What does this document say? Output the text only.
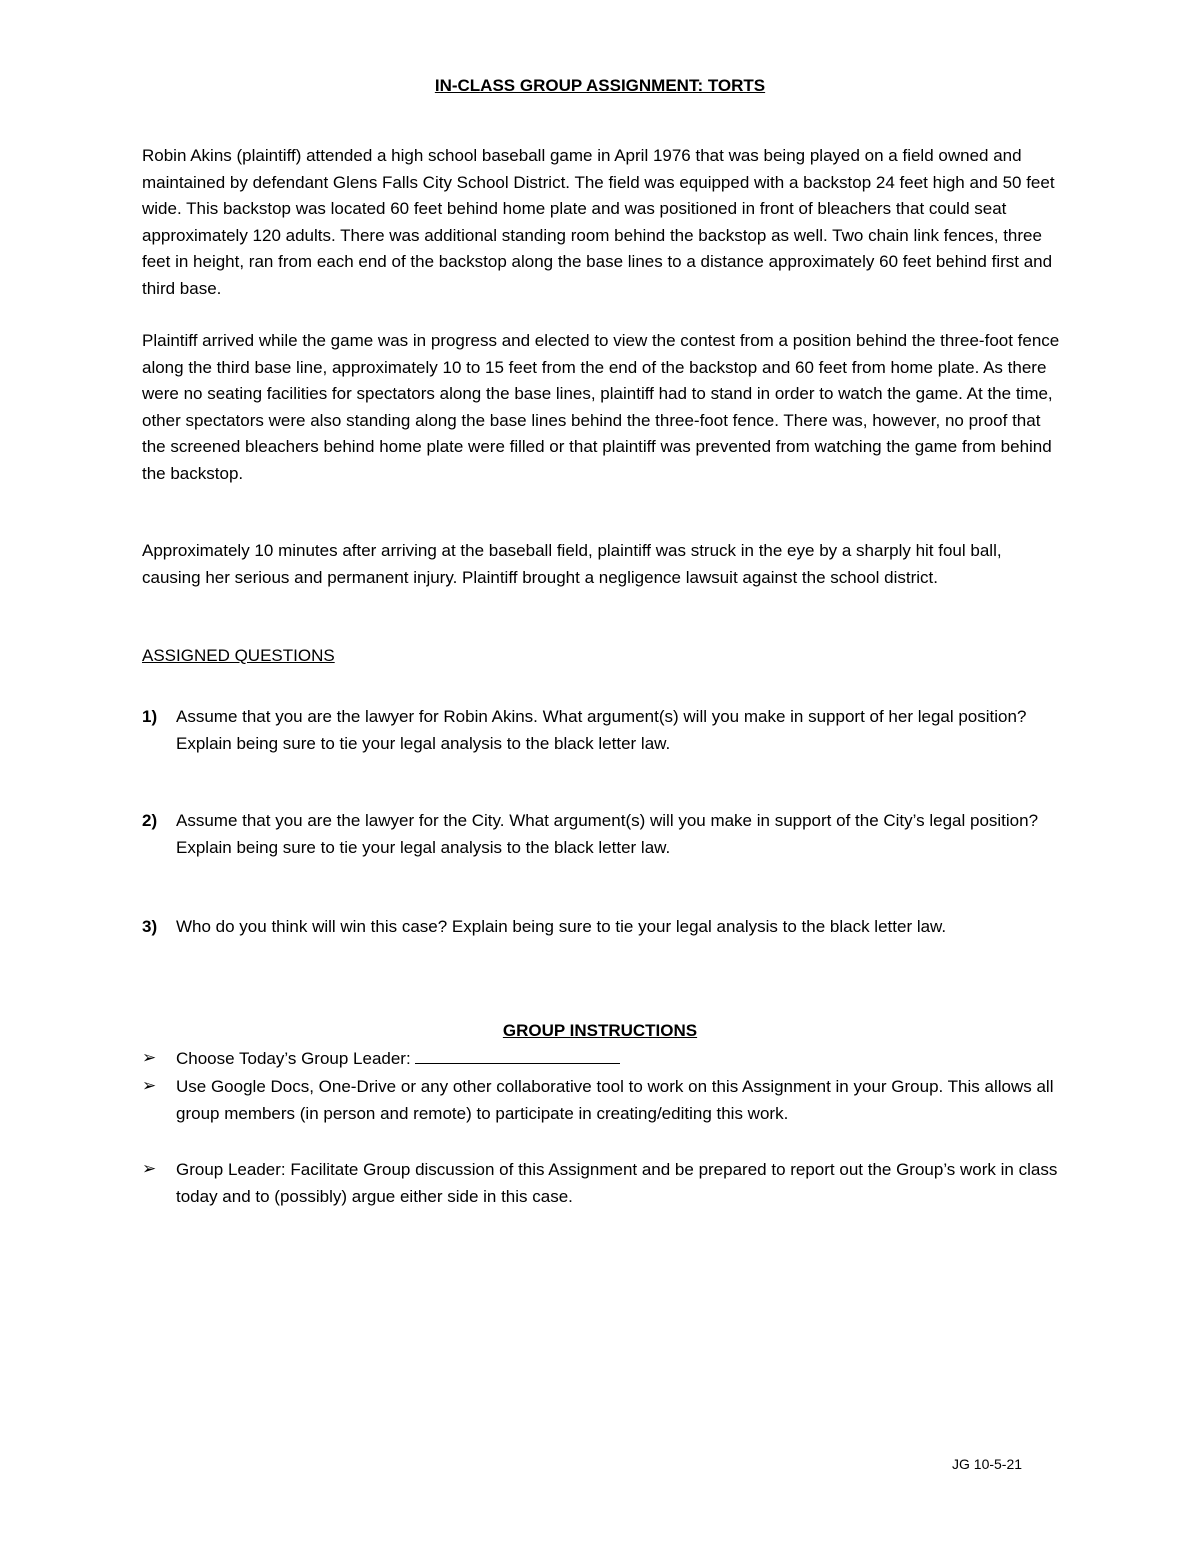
IN-CLASS GROUP ASSIGNMENT: TORTS

Robin Akins (plaintiff) attended a high school baseball game in April 1976 that was being played on a field owned and maintained by defendant Glens Falls City School District. The field was equipped with a backstop 24 feet high and 50 feet wide. This backstop was located 60 feet behind home plate and was positioned in front of bleachers that could seat approximately 120 adults. There was additional standing room behind the backstop as well. Two chain link fences, three feet in height, ran from each end of the backstop along the base lines to a distance approximately 60 feet behind first and third base.

Plaintiff arrived while the game was in progress and elected to view the contest from a position behind the three-foot fence along the third base line, approximately 10 to 15 feet from the end of the backstop and 60 feet from home plate. As there were no seating facilities for spectators along the base lines, plaintiff had to stand in order to watch the game. At the time, other spectators were also standing along the base lines behind the three-foot fence. There was, however, no proof that the screened bleachers behind home plate were filled or that plaintiff was prevented from watching the game from behind the backstop.

Approximately 10 minutes after arriving at the baseball field, plaintiff was struck in the eye by a sharply hit foul ball, causing her serious and permanent injury. Plaintiff brought a negligence lawsuit against the school district.

ASSIGNED QUESTIONS

1) Assume that you are the lawyer for Robin Akins. What argument(s) will you make in support of her legal position? Explain being sure to tie your legal analysis to the black letter law.
2) Assume that you are the lawyer for the City. What argument(s) will you make in support of the City’s legal position? Explain being sure to tie your legal analysis to the black letter law.
3) Who do you think will win this case? Explain being sure to tie your legal analysis to the black letter law.

GROUP INSTRUCTIONS

➢ Choose Today’s Group Leader:
➢ Use Google Docs, One-Drive or any other collaborative tool to work on this Assignment in your Group. This allows all group members (in person and remote) to participate in creating/editing this work.
➢ Group Leader: Facilitate Group discussion of this Assignment and be prepared to report out the Group’s work in class today and to (possibly) argue either side in this case.

JG 10-5-21
